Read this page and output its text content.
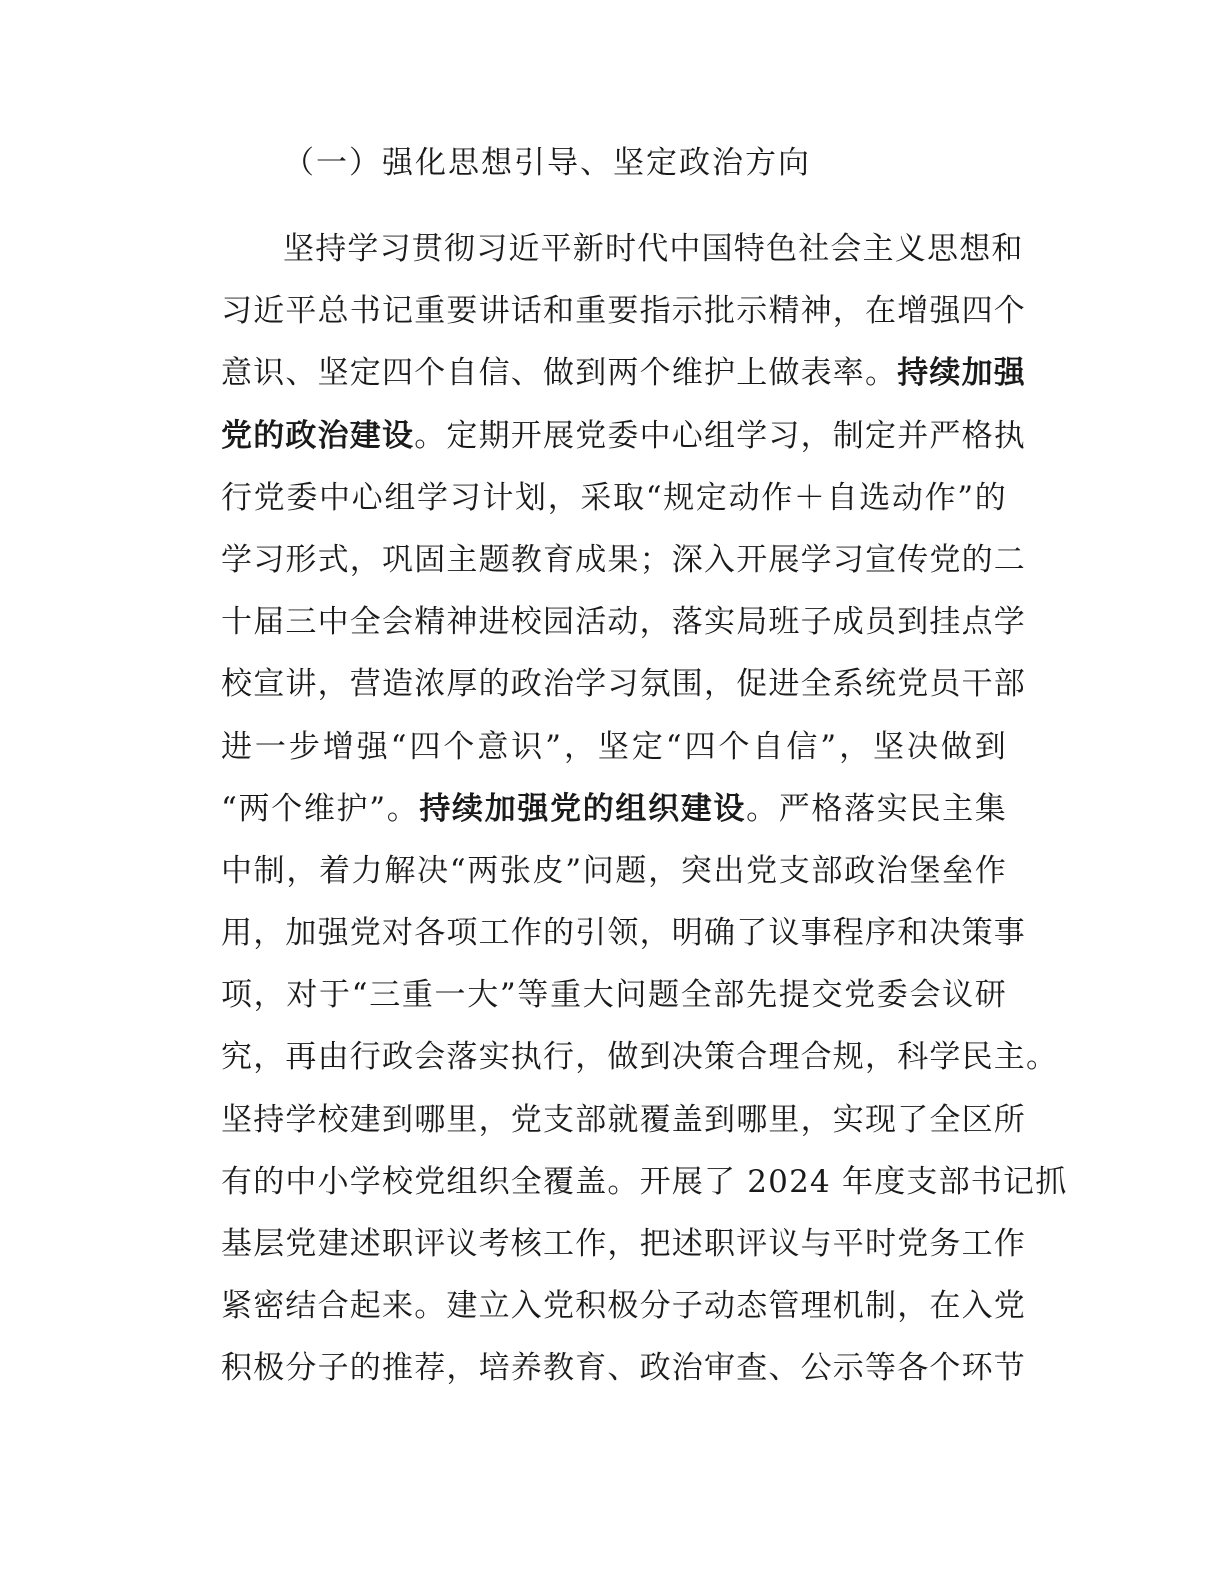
（一）强化思想引导、坚定政治方向
坚持学习贯彻习近平新时代中国特色社会主义思想和
习近平总书记重要讲话和重要指示批示精神，在增强四个
意识、坚定四个自信、做到两个维护上做表率。持续加强
党的政治建设。定期开展党委中心组学习，制定并严格执
行党委中心组学习计划，采取“规定动作＋自选动作”的
学习形式，巩固主题教育成果；深入开展学习宣传党的二
十届三中全会精神进校园活动，落实局班子成员到挂点学
校宣讲，营造浓厚的政治学习氛围，促进全系统党员干部
进一步增强“四个意识”，坚定“四个自信”，坚决做到
“两个维护”。持续加强党的组织建设。严格落实民主集
中制，着力解决“两张皮”问题，突出党支部政治堡垒作
用，加强党对各项工作的引领，明确了议事程序和决策事
项，对于“三重一大”等重大问题全部先提交党委会议研
究，再由行政会落实执行，做到决策合理合规，科学民主。
坚持学校建到哪里，党支部就覆盖到哪里，实现了全区所
有的中小学校党组织全覆盖。开展了 2024 年度支部书记抓
基层党建述职评议考核工作，把述职评议与平时党务工作
紧密结合起来。建立入党积极分子动态管理机制，在入党
积极分子的推荐，培养教育、政治审查、公示等各个环节
